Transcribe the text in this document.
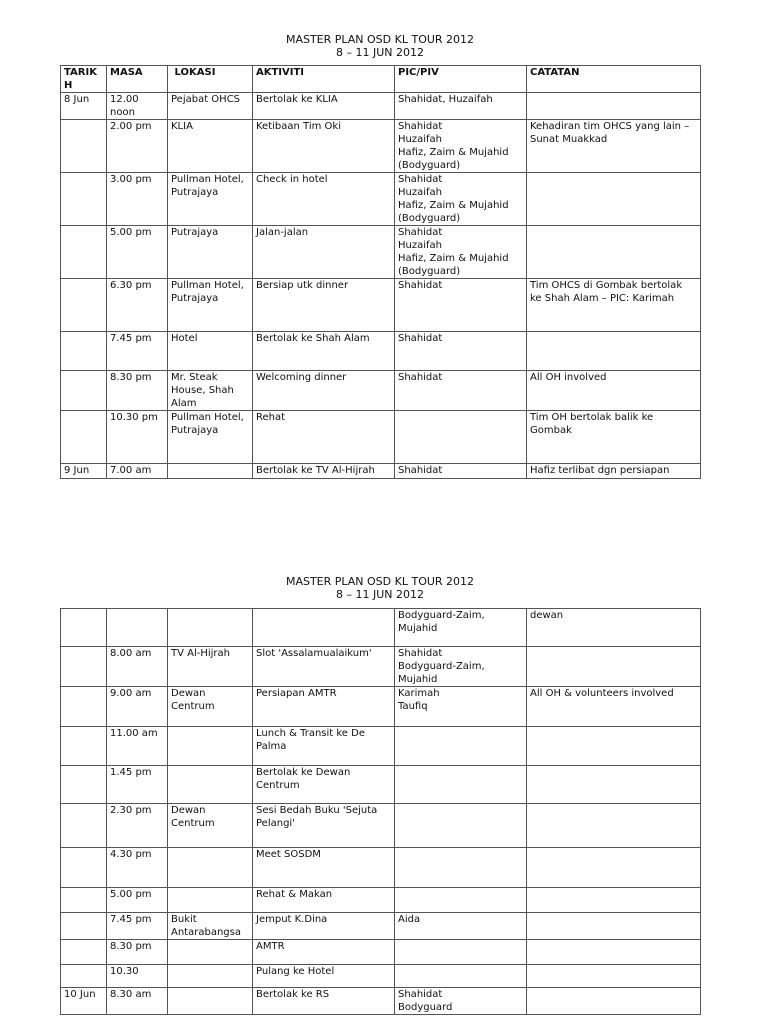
MASTER PLAN OSD KL TOUR 2012
8 – 11 JUN 2012
TARIK
H	MASA	LOKASI	AKTIVITI	PIC/PIV	CATATAN
8 Jun	12.00
noon	Pejabat OHCS	Bertolak ke KLIA	Shahidat, Huzaifah	
	2.00 pm	KLIA	Ketibaan Tim Oki	Shahidat
Huzaifah
Hafiz, Zaim & Mujahid
(Bodyguard)	Kehadiran tim OHCS yang lain –
Sunat Muakkad
	3.00 pm	Pullman Hotel,
Putrajaya	Check in hotel	Shahidat
Huzaifah
Hafiz, Zaim & Mujahid
(Bodyguard)	
	5.00 pm	Putrajaya	Jalan-jalan	Shahidat
Huzaifah
Hafiz, Zaim & Mujahid
(Bodyguard)	
	6.30 pm	Pullman Hotel,
Putrajaya	Bersiap utk dinner	Shahidat	Tim OHCS di Gombak bertolak
ke Shah Alam – PIC: Karimah
	7.45 pm	Hotel	Bertolak ke Shah Alam	Shahidat	
	8.30 pm	Mr. Steak
House, Shah
Alam	Welcoming dinner	Shahidat	All OH involved
	10.30 pm	Pullman Hotel,
Putrajaya	Rehat		Tim OH bertolak balik ke
Gombak
9 Jun	7.00 am		Bertolak ke TV Al-Hijrah	Shahidat	Hafiz terlibat dgn persiapan
MASTER PLAN OSD KL TOUR 2012
8 – 11 JUN 2012
				Bodyguard-Zaim,
Mujahid	dewan
	8.00 am	TV Al-Hijrah	Slot 'Assalamualaikum'	Shahidat
Bodyguard-Zaim,
Mujahid	
	9.00 am	Dewan
Centrum	Persiapan AMTR	Karimah
Taufiq	All OH & volunteers involved
	11.00 am		Lunch & Transit ke De
Palma		
	1.45 pm		Bertolak ke Dewan
Centrum		
	2.30 pm	Dewan
Centrum	Sesi Bedah Buku 'Sejuta
Pelangi'		
	4.30 pm		Meet SOSDM		
	5.00 pm		Rehat & Makan		
	7.45 pm	Bukit
Antarabangsa	Jemput K.Dina	Aida	
	8.30 pm		AMTR		
	10.30		Pulang ke Hotel		
10 Jun	8.30 am		Bertolak ke RS	Shahidat
Bodyguard	
